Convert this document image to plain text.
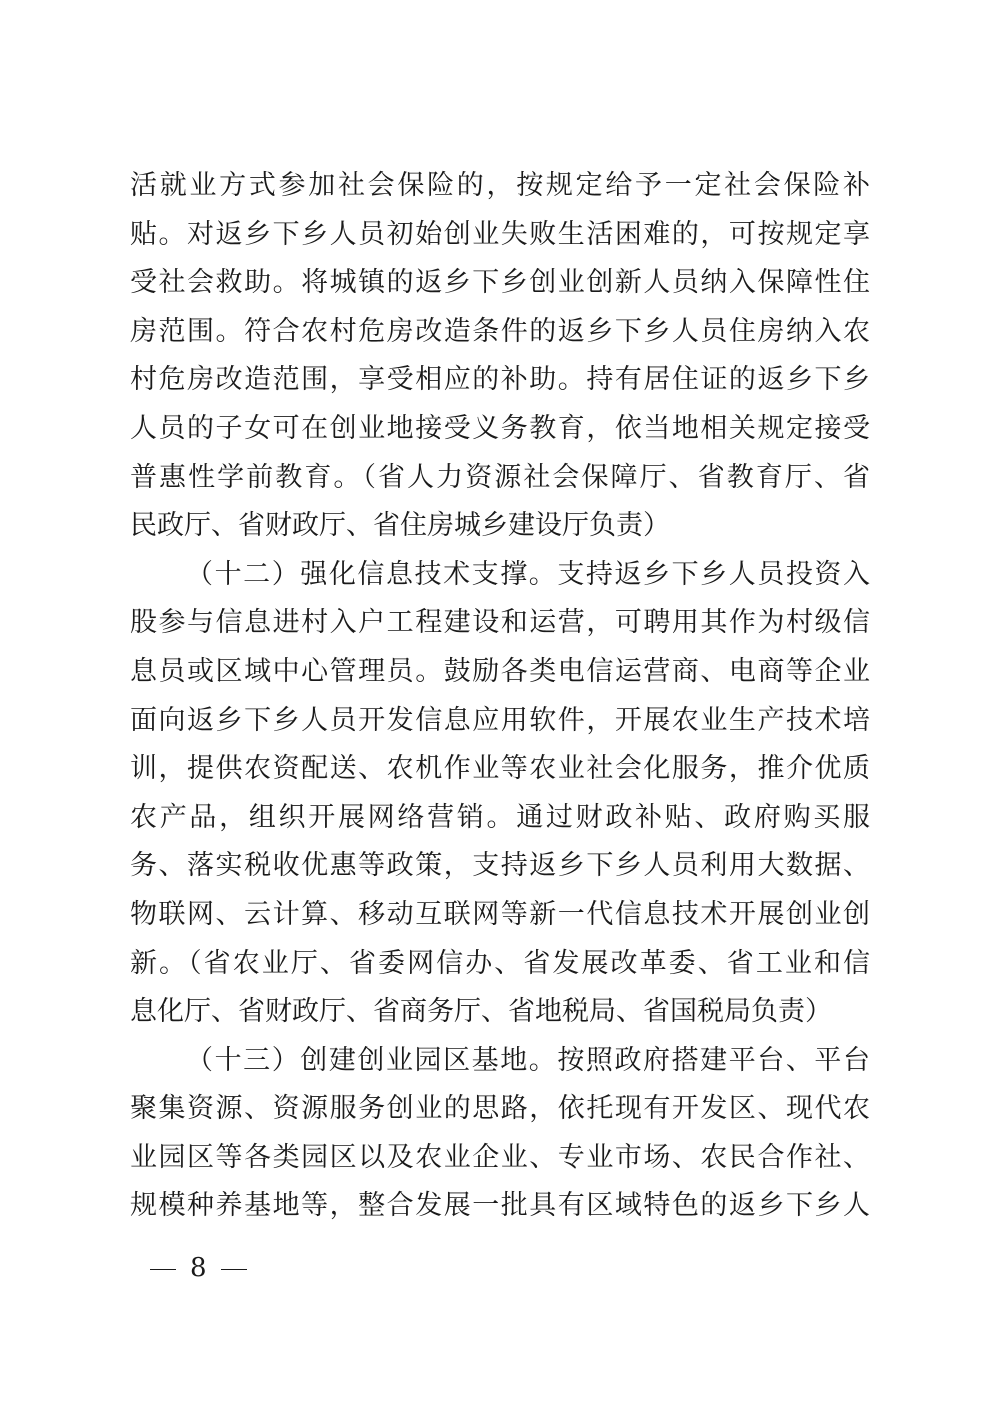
活就业方式参加社会保险的，按规定给予一定社会保险补
贴。对返乡下乡人员初始创业失败生活困难的，可按规定享
受社会救助。将城镇的返乡下乡创业创新人员纳入保障性住
房范围。符合农村危房改造条件的返乡下乡人员住房纳入农
村危房改造范围，享受相应的补助。持有居住证的返乡下乡
人员的子女可在创业地接受义务教育，依当地相关规定接受
普惠性学前教育。（省人力资源社会保障厅、省教育厅、省
民政厅、省财政厅、省住房城乡建设厅负责）
（十二）强化信息技术支撑。支持返乡下乡人员投资入
股参与信息进村入户工程建设和运营，可聘用其作为村级信
息员或区域中心管理员。鼓励各类电信运营商、电商等企业
面向返乡下乡人员开发信息应用软件，开展农业生产技术培
训，提供农资配送、农机作业等农业社会化服务，推介优质
农产品，组织开展网络营销。通过财政补贴、政府购买服
务、落实税收优惠等政策，支持返乡下乡人员利用大数据、
物联网、云计算、移动互联网等新一代信息技术开展创业创
新。（省农业厅、省委网信办、省发展改革委、省工业和信
息化厅、省财政厅、省商务厅、省地税局、省国税局负责）
（十三）创建创业园区基地。按照政府搭建平台、平台
聚集资源、资源服务创业的思路，依托现有开发区、现代农
业园区等各类园区以及农业企业、专业市场、农民合作社、
规模种养基地等，整合发展一批具有区域特色的返乡下乡人
8
